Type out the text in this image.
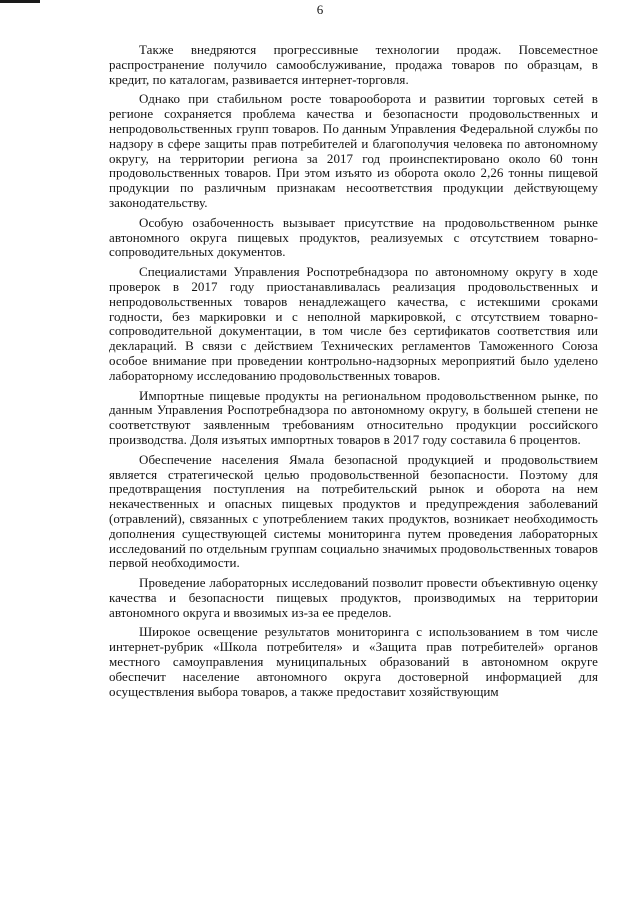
6

Также внедряются прогрессивные технологии продаж. Повсеместное распространение получило самообслуживание, продажа товаров по образцам, в кредит, по каталогам, развивается интернет-торговля.

Однако при стабильном росте товарооборота и развитии торговых сетей в регионе сохраняется проблема качества и безопасности продовольственных и непродовольственных групп товаров. По данным Управления Федеральной службы по надзору в сфере защиты прав потребителей и благополучия человека по автономному округу, на территории региона за 2017 год проинспектировано около 60 тонн продовольственных товаров. При этом изъято из оборота около 2,26 тонны пищевой продукции по различным признакам несоответствия продукции действующему законодательству.

Особую озабоченность вызывает присутствие на продовольственном рынке автономного округа пищевых продуктов, реализуемых с отсутствием товарно-сопроводительных документов.

Специалистами Управления Роспотребнадзора по автономному округу в ходе проверок в 2017 году приостанавливалась реализация продовольственных и непродовольственных товаров ненадлежащего качества, с истекшими сроками годности, без маркировки и с неполной маркировкой, с отсутствием товарно-сопроводительной документации, в том числе без сертификатов соответствия или деклараций. В связи с действием Технических регламентов Таможенного Союза особое внимание при проведении контрольно-надзорных мероприятий было уделено лабораторному исследованию продовольственных товаров.

Импортные пищевые продукты на региональном продовольственном рынке, по данным Управления Роспотребнадзора по автономному округу, в большей степени не соответствуют заявленным требованиям относительно продукции российского производства. Доля изъятых импортных товаров в 2017 году составила 6 процентов.

Обеспечение населения Ямала безопасной продукцией и продовольствием является стратегической целью продовольственной безопасности. Поэтому для предотвращения поступления на потребительский рынок и оборота на нем некачественных и опасных пищевых продуктов и предупреждения заболеваний (отравлений), связанных с употреблением таких продуктов, возникает необходимость дополнения существующей системы мониторинга путем проведения лабораторных исследований по отдельным группам социально значимых продовольственных товаров первой необходимости.

Проведение лабораторных исследований позволит провести объективную оценку качества и безопасности пищевых продуктов, производимых на территории автономного округа и ввозимых из-за ее пределов.

Широкое освещение результатов мониторинга с использованием в том числе интернет-рубрик «Школа потребителя» и «Защита прав потребителей» органов местного самоуправления муниципальных образований в автономном округе обеспечит население автономного округа достоверной информацией для осуществления выбора товаров, а также предоставит хозяйствующим
